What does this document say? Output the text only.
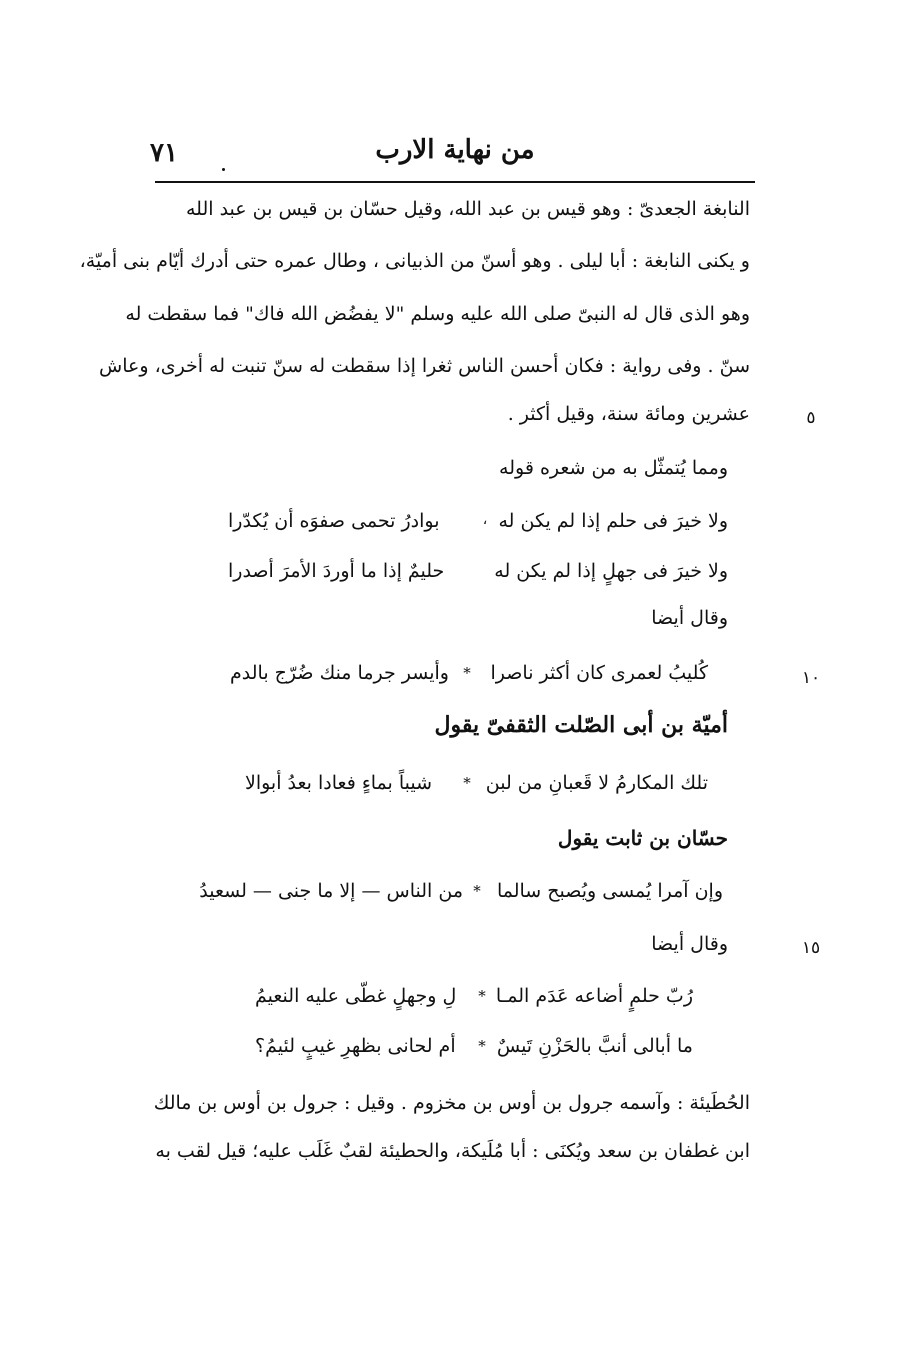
من نهاية الارب
٧١
النابغة الجعدىّ : وهو قيس بن عبد الله، وقيل حسّان بن قيس بن عبد الله
و يكنى النابغة : أبا ليلى . وهو أسنّ من الذبيانى ، وطال عمره حتى أدرك أيّام بنى أميّة،
وهو الذى قال له النبىّ صلى الله عليه وسلم "لا يفضُض الله فاك" فما سقطت له
سنّ . وفى رواية : فكان أحسن الناس ثغرا إذا سقطت له سنّ تنبت له أخرى، وعاش
عشرين ومائة سنة، وقيل أكثر .	٥
ومما يُتمثّل به من شعره قوله
ولا خيرَ فى حلم إذا لم يكن له
،
بوادرُ تحمى صفوَه أن يُكدّرا
ولا خيرَ فى جهلٍ إذا لم يكن له
حليمٌ إذا ما أوردَ الأمرَ أصدرا
وقال أيضا
كُليبُ لعمرى كان أكثر ناصرا
*
وأيسر جرما منك ضُرّج بالدم	١٠
أميّة بن أبى الصّلت الثقفىّ يقول
تلك المكارمُ لا قَعبانِ من لبن
*
شيباً بماءٍ فعادا بعدُ أبوالا
حسّان بن ثابت يقول
وإن آمرا يُمسى ويُصبح سالما
*
من الناس — إلا ما جنى — لسعيدُ
وقال أيضا	١٥
رُبّ حلمٍ أضاعه عَدَم المـا
*
لِ وجهلٍ غطّى عليه النعيمُ
ما أبالى أنبَّ بالحَزْنِ تَيسٌ
*
أم لحانى بظهرِ غيبٍ لئيمُ؟
الحُطَيئة : وآسمه جرول بن أوس بن مخزوم . وقيل : جرول بن أوس بن مالك
ابن غطفان بن سعد ويُكنَى : أبا مُلَيكة، والحطيئة لقبٌ غَلَب عليه؛ قيل لقب به
